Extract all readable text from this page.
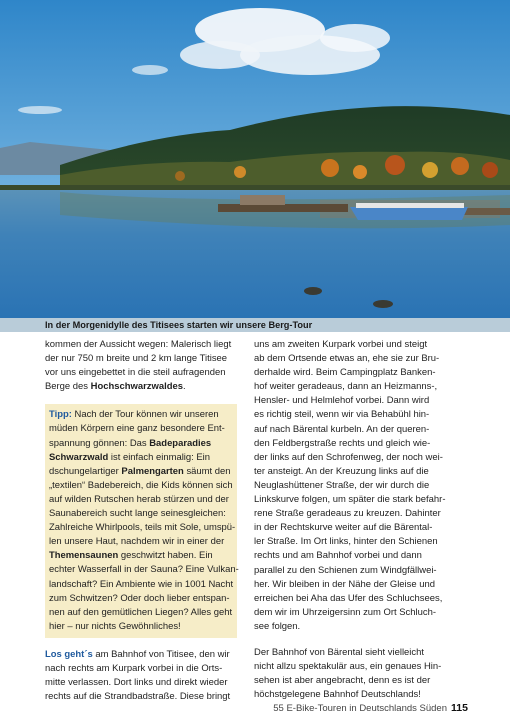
In der Morgenidylle des Titisees starten wir unsere Berg-Tour
kommen der Aussicht wegen: Malerisch liegt
der nur 750 m breite und 2 km lange Titisee
vor uns eingebettet in die steil aufragenden
Berge des Hochschwarzwaldes.
Tipp: Nach der Tour können wir unseren
müden Körpern eine ganz besondere Ent-
spannung gönnen: Das Badeparadies
Schwarzwald ist einfach einmalig: Ein
dschungelartiger Palmengarten säumt den
„textilen“ Badebereich, die Kids können sich
auf wilden Rutschen herab stürzen und der
Saunabereich sucht lange seinesgleichen:
Zahlreiche Whirlpools, teils mit Sole, umspü-
len unsere Haut, nachdem wir in einer der
Themensaunen geschwitzt haben. Ein
echter Wasserfall in der Sauna? Eine Vulkan-
landschaft? Ein Ambiente wie in 1001 Nacht
zum Schwitzen? Oder doch lieber entspan-
nen auf den gemütlichen Liegen? Alles geht
hier – nur nichts Gewöhnliches!
Los geht´s am Bahnhof von Titisee, den wir
nach rechts am Kurpark vorbei in die Orts-
mitte verlassen. Dort links und direkt wieder
rechts auf die Strandbadstraße. Diese bringt
uns am zweiten Kurpark vorbei und steigt
ab dem Ortsende etwas an, ehe sie zur Bru-
derhalde wird. Beim Campingplatz Banken-
hof weiter geradeaus, dann an Heizmanns-,
Hensler- und Helmlehof vorbei. Dann wird
es richtig steil, wenn wir via Behabühl hin-
auf nach Bärental kurbeln. An der queren-
den Feldbergstraße rechts und gleich wie-
der links auf den Schrofenweg, der noch wei-
ter ansteigt. An der Kreuzung links auf die
Neuglashüttener Straße, der wir durch die
Linkskurve folgen, um später die stark befahr-
rene Straße geradeaus zu kreuzen. Dahinter
in der Rechtskurve weiter auf die Bärental-
ler Straße. Im Ort links, hinter den Schienen
rechts und am Bahnhof vorbei und dann
parallel zu den Schienen zum Windgfällwei-
her. Wir bleiben in der Nähe der Gleise und
erreichen bei Aha das Ufer des Schluchsees,
dem wir im Uhrzeigersinn zum Ort Schluch-
see folgen.
Der Bahnhof von Bärental sieht vielleicht
nicht allzu spektakulär aus, ein genaues Hin-
sehen ist aber angebracht, denn es ist der
höchstgelegene Bahnhof Deutschlands!
55 E-Bike-Touren in Deutschlands Süden 115
